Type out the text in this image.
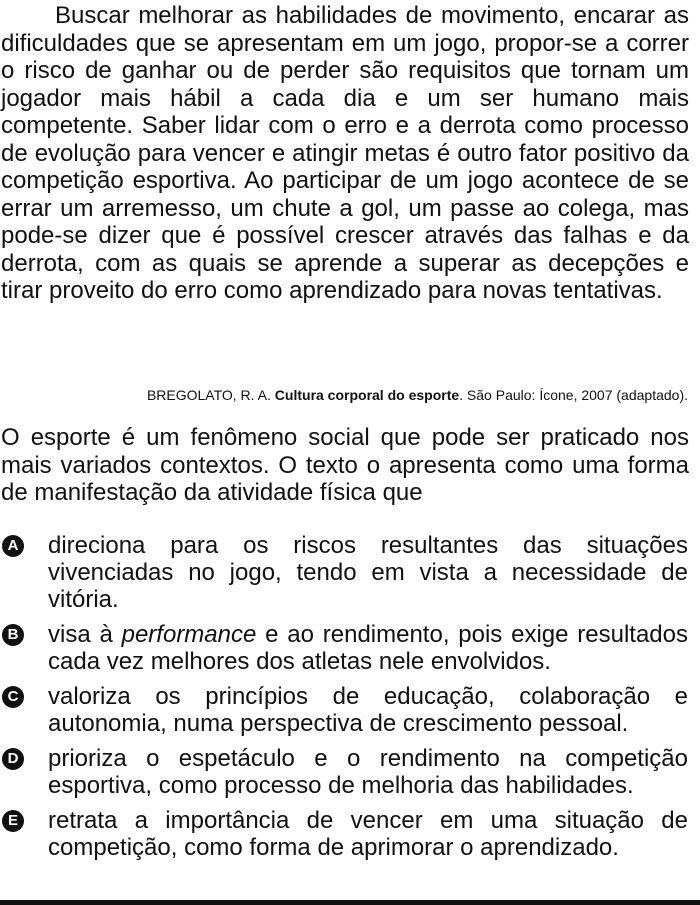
Buscar melhorar as habilidades de movimento, encarar as dificuldades que se apresentam em um jogo, propor-se a correr o risco de ganhar ou de perder são requisitos que tornam um jogador mais hábil a cada dia e um ser humano mais competente. Saber lidar com o erro e a derrota como processo de evolução para vencer e atingir metas é outro fator positivo da competição esportiva. Ao participar de um jogo acontece de se errar um arremesso, um chute a gol, um passe ao colega, mas pode-se dizer que é possível crescer através das falhas e da derrota, com as quais se aprende a superar as decepções e tirar proveito do erro como aprendizado para novas tentativas.

BREGOLATO, R. A. Cultura corporal do esporte. São Paulo: Ícone, 2007 (adaptado).

O esporte é um fenômeno social que pode ser praticado nos mais variados contextos. O texto o apresenta como uma forma de manifestação da atividade física que

A direciona para os riscos resultantes das situações vivenciadas no jogo, tendo em vista a necessidade de vitória.
B visa à performance e ao rendimento, pois exige resultados cada vez melhores dos atletas nele envolvidos.
C valoriza os princípios de educação, colaboração e autonomia, numa perspectiva de crescimento pessoal.
D prioriza o espetáculo e o rendimento na competição esportiva, como processo de melhoria das habilidades.
E retrata a importância de vencer em uma situação de competição, como forma de aprimorar o aprendizado.
